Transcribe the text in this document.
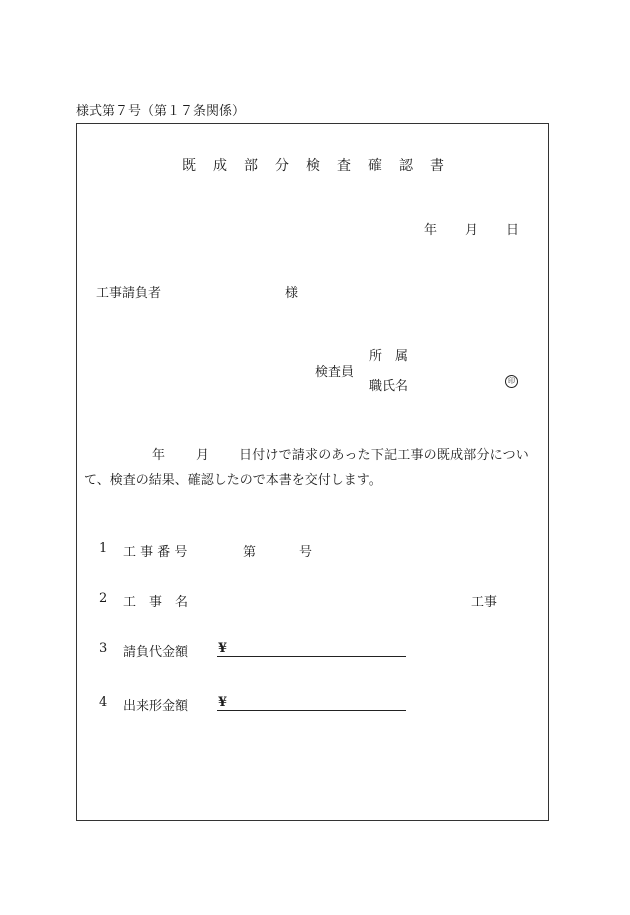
様式第７号（第１７条関係）
既 成 部 分 検 査 確 認 書
年 月 日
工事請負者	様
所　属
検査員
職氏名	印
年 月 日付けで請求のあった下記工事の既成部分につい
て、検査の結果、確認したので本書を交付します。
1 工 事 番 号	第	号
2 工　事　名	工事
3 請負代金額 ¥
4 出来形金額 ¥
